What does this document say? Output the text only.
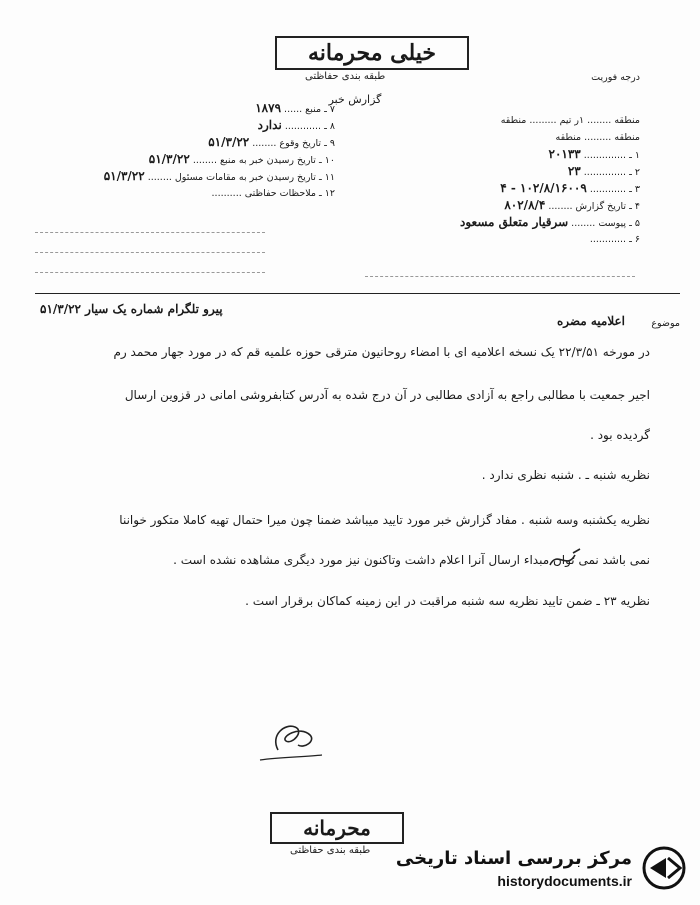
خیلی محرمانه
طبقه بندی حفاظتی	درجه فوریت
گزارش خبر
منطقه ........ ۱ر تیم ......... منطقه
منطقه ......... منطقه
۱ ـ .............. ۲۰۱۳۳
۲ ـ .............. ۲۳
۳ ـ ............ ۱۰۲/۸/۱۶۰۰۹ - ۴
۴ ـ تاریخ گزارش ........ ۸۰۲/۸/۴
۵ ـ پیوست ........ سرقیار متعلق مسعود
۶ ـ ............
۷ ـ منبع ...... ۱۸۷۹
۸ ـ ............ ندارد
۹ ـ تاریخ وقوع ........ ۵۱/۳/۲۲
۱۰ ـ تاریخ رسیدن خبر به منبع ........ ۵۱/۳/۲۲
۱۱ ـ تاریخ رسیدن خبر به مقامات مسئول ........ ۵۱/۳/۲۲
۱۲ ـ ملاحظات حفاظتی ..........
پیرو تلگرام شماره یک سیار ۵۱/۳/۲۲
موضوع
اعلامیه مضره
در مورخه ۲۲/۳/۵۱ یک نسخه اعلامیه ای با امضاء روحانیون مترقی حوزه علمیه قم که در مورد جهار محمد رم
اجیر جمعیت با مطالبی راجع به آزادی مطالبی در آن درج شده به آدرس کتابفروشی امانی در قزوین ارسال
گردیده بود .
نظریه شنبه ـ . شنبه نظری ندارد .
نظریه یکشنبه وسه شنبه . مفاد گزارش خبر مورد تایید میباشد ضمنا چون میرا حتمال تهیه کاملا متکور خواننا
نمی باشد نمی توان مبداء ارسال آنرا اعلام داشت وتاکنون نیز مورد دیگری مشاهده نشده است .
نظریه ۲۳ ـ ضمن تایید نظریه سه شنبه مراقبت در این زمینه کماکان برقرار است .
محرمانه
طبقه بندی حفاظتی مرکز بررسی اسناد تاریخی
historydocuments.ir
